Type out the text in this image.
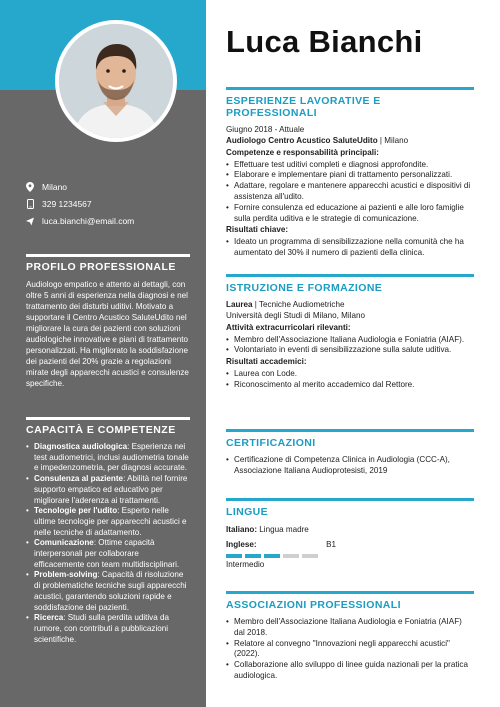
Milano
329 1234567
luca.bianchi@email.com
PROFILO PROFESSIONALE
Audiologo empatico e attento ai dettagli, con oltre 5 anni di esperienza nella diagnosi e nel trattamento dei disturbi uditivi. Motivato a supportare il Centro Acustico SaluteUdito nel migliorare la cura dei pazienti con soluzioni audiologiche innovative e piani di trattamento personalizzati. Ha migliorato la soddisfazione dei pazienti del 20% grazie a regolazioni mirate degli apparecchi acustici e consulenze specifiche.
CAPACITÀ E COMPETENZE
• Diagnostica audiologica: Esperienza nei test audiometrici, inclusi audiometria tonale e impedenzometria, per diagnosi accurate.
• Consulenza al paziente: Abilità nel fornire supporto empatico ed educativo per migliorare l'aderenza ai trattamenti.
• Tecnologie per l'udito: Esperto nelle ultime tecnologie per apparecchi acustici e nelle tecniche di adattamento.
• Comunicazione: Ottime capacità interpersonali per collaborare efficacemente con team multidisciplinari.
• Problem-solving: Capacità di risoluzione di problematiche tecniche sugli apparecchi acustici, garantendo soluzioni rapide e soddisfazione dei pazienti.
• Ricerca: Studi sulla perdita uditiva da rumore, con contributi a pubblicazioni scientifiche.
Luca Bianchi
ESPERIENZE LAVORATIVE E PROFESSIONALI
Giugno 2018 - Attuale
Audiologo Centro Acustico SaluteUdito | Milano
Competenze e responsabilità principali:
• Effettuare test uditivi completi e diagnosi approfondite.
• Elaborare e implementare piani di trattamento personalizzati.
• Adattare, regolare e mantenere apparecchi acustici e dispositivi di assistenza all'udito.
• Fornire consulenza ed educazione ai pazienti e alle loro famiglie sulla perdita uditiva e le strategie di comunicazione.
Risultati chiave:
• Ideato un programma di sensibilizzazione nella comunità che ha aumentato del 30% il numero di pazienti della clinica.
ISTRUZIONE E FORMAZIONE
Laurea | Tecniche Audiometriche
Università degli Studi di Milano, Milano
Attività extracurricolari rilevanti:
• Membro dell'Associazione Italiana Audiologia e Foniatria (AIAF).
• Volontariato in eventi di sensibilizzazione sulla salute uditiva.
Risultati accademici:
• Laurea con Lode.
• Riconoscimento al merito accademico dal Rettore.
CERTIFICAZIONI
• Certificazione di Competenza Clinica in Audiologia (CCC-A), Associazione Italiana Audioprotesisti, 2019
LINGUE
Italiano: Lingua madre
Inglese:	B1
Intermedio
ASSOCIAZIONI PROFESSIONALI
• Membro dell'Associazione Italiana Audiologia e Foniatria (AIAF) dal 2018.
• Relatore al convegno "Innovazioni negli apparecchi acustici" (2022).
• Collaborazione allo sviluppo di linee guida nazionali per la pratica audiologica.
